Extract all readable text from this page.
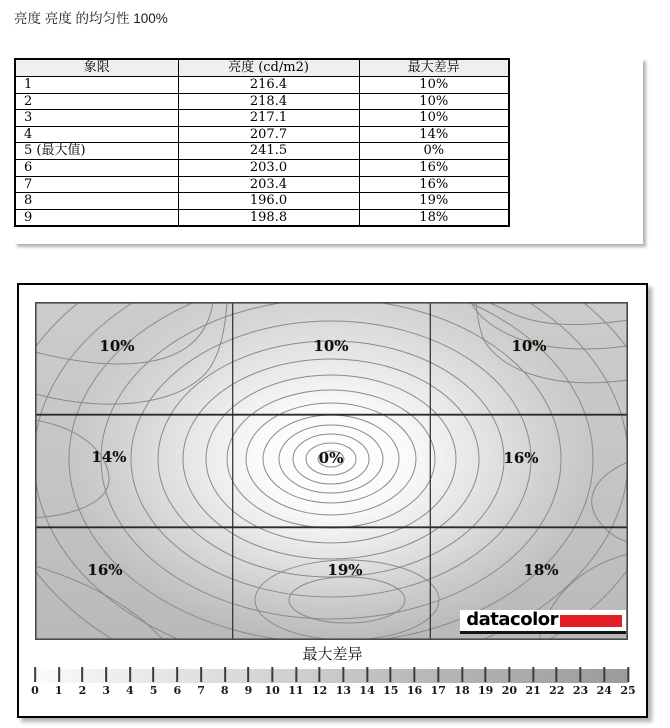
亮度 亮度 的均匀性 100%
象限	亮度 (cd/m2)	最大差异
1	216.4	10%
2	218.4	10%
3	217.1	10%
4	207.7	14%
5 (最大值)	241.5	0%
6	203.0	16%
7	203.4	16%
8	196.0	19%
9	198.8	18%
10%	10%	10%
14%	0%	16%
16%	19%	18%
datacolor
最大差异
0 1 2 3 4 5 6 7 8 9 10 11 12 13 14 15 16 17 18 19 20 21 22 23 24 25
